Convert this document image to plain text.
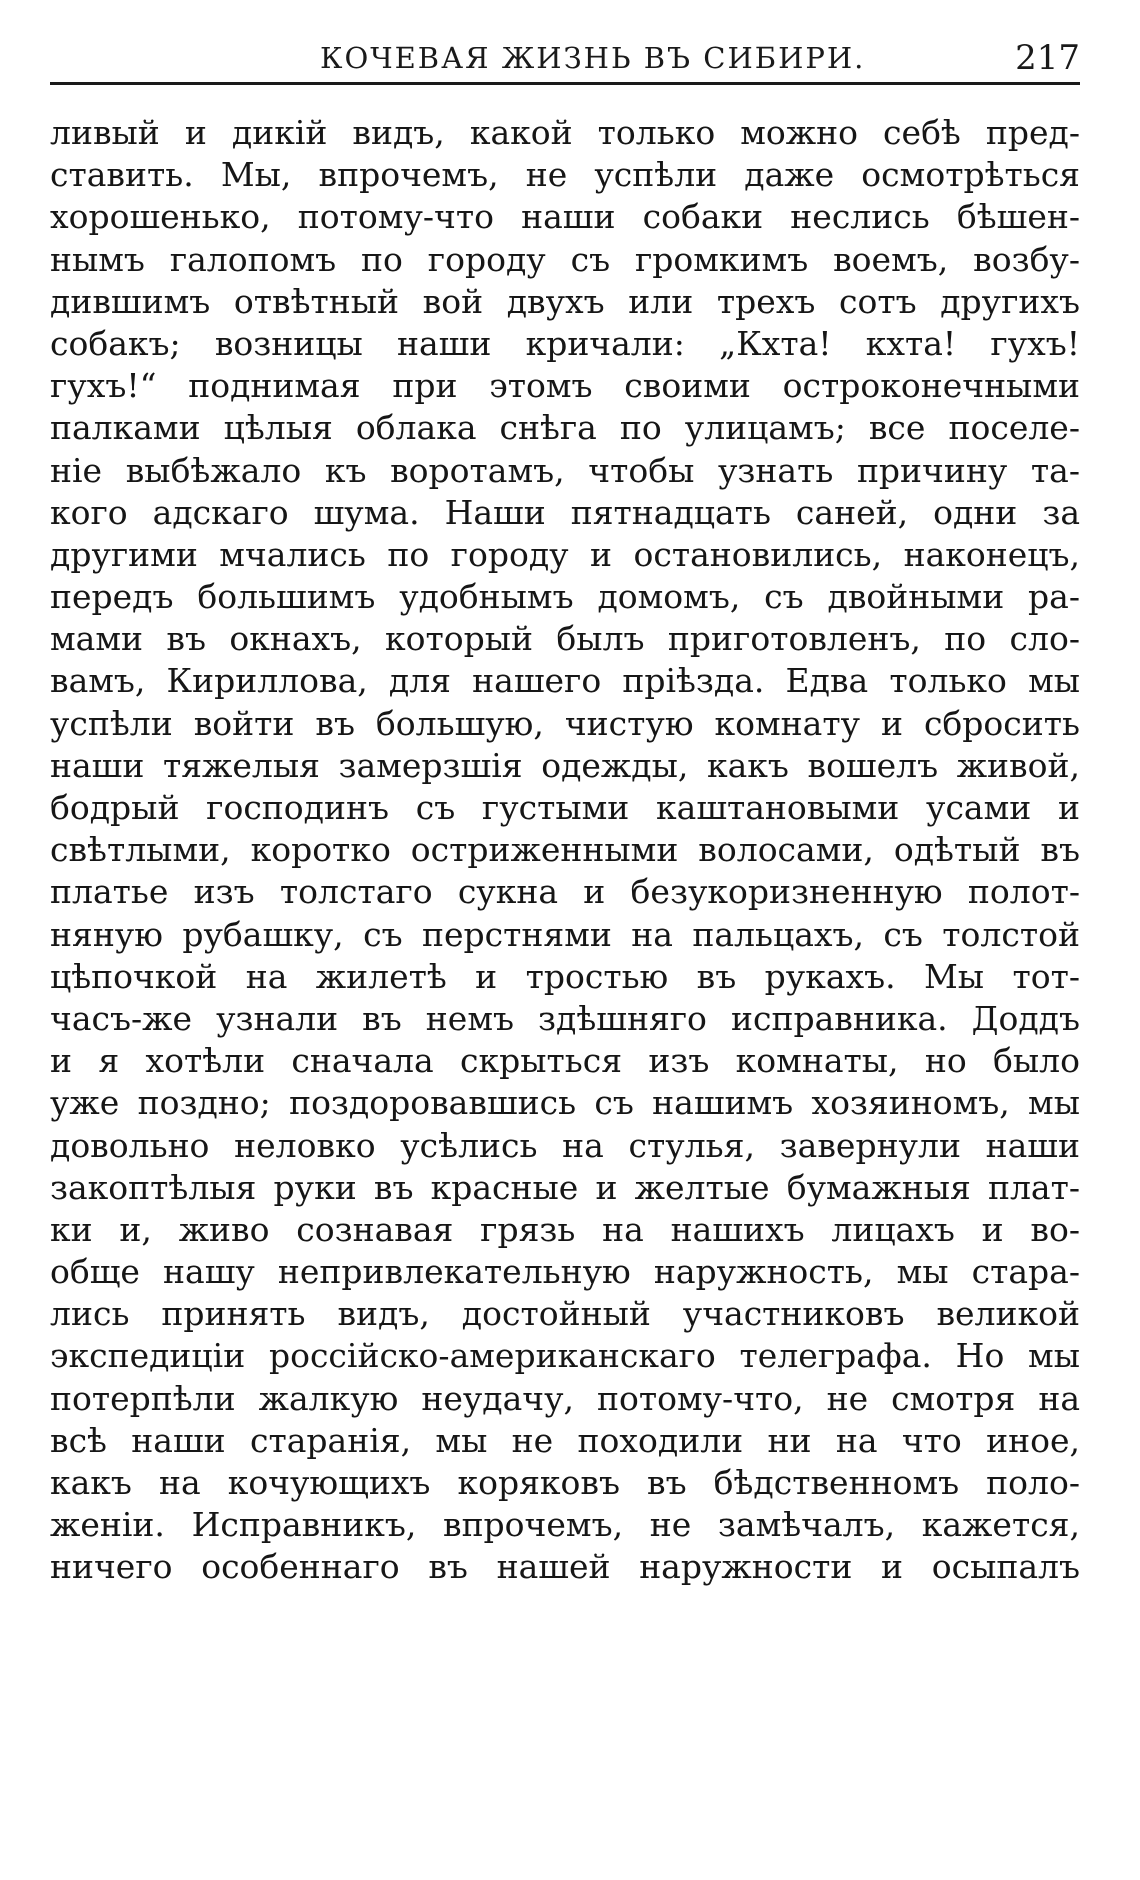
КОЧЕВАЯ ЖИЗНЬ ВЪ СИБИРИ.	217
ливый и дикій видъ, какой только можно себѣ пред-
ставить. Мы, впрочемъ, не успѣли даже осмотрѣться
хорошенько, потому-что наши собаки неслись бѣшен-
нымъ галопомъ по городу съ громкимъ воемъ, возбу-
дившимъ отвѣтный вой двухъ или трехъ сотъ другихъ
собакъ; возницы наши кричали: „Кхта! кхта! гухъ!
гухъ!“ поднимая при этомъ своими остроконечными
палками цѣлыя облака снѣга по улицамъ; все поселе-
ніе выбѣжало къ воротамъ, чтобы узнать причину та-
кого адскаго шума. Наши пятнадцать саней, одни за
другими мчались по городу и остановились, наконецъ,
передъ большимъ удобнымъ домомъ, съ двойными ра-
мами въ окнахъ, который былъ приготовленъ, по сло-
вамъ, Кириллова, для нашего пріѣзда. Едва только мы
успѣли войти въ большую, чистую комнату и сбросить
наши тяжелыя замерзшія одежды, какъ вошелъ живой,
бодрый господинъ съ густыми каштановыми усами и
свѣтлыми, коротко остриженными волосами, одѣтый въ
платье изъ толстаго сукна и безукоризненную полот-
няную рубашку, съ перстнями на пальцахъ, съ толстой
цѣпочкой на жилетѣ и тростью въ рукахъ. Мы тот-
часъ-же узнали въ немъ здѣшняго исправника. Доддъ
и я хотѣли сначала скрыться изъ комнаты, но было
уже поздно; поздоровавшись съ нашимъ хозяиномъ, мы
довольно неловко усѣлись на стулья, завернули наши
закоптѣлыя руки въ красные и желтые бумажныя плат-
ки и, живо сознавая грязь на нашихъ лицахъ и во-
обще нашу непривлекательную наружность, мы стара-
лись принять видъ, достойный участниковъ великой
экспедиціи россійско-американскаго телеграфа. Но мы
потерпѣли жалкую неудачу, потому-что, не смотря на
всѣ наши старанія, мы не походили ни на что иное,
какъ на кочующихъ коряковъ въ бѣдственномъ поло-
женіи. Исправникъ, впрочемъ, не замѣчалъ, кажется,
ничего особеннаго въ нашей наружности и осыпалъ
